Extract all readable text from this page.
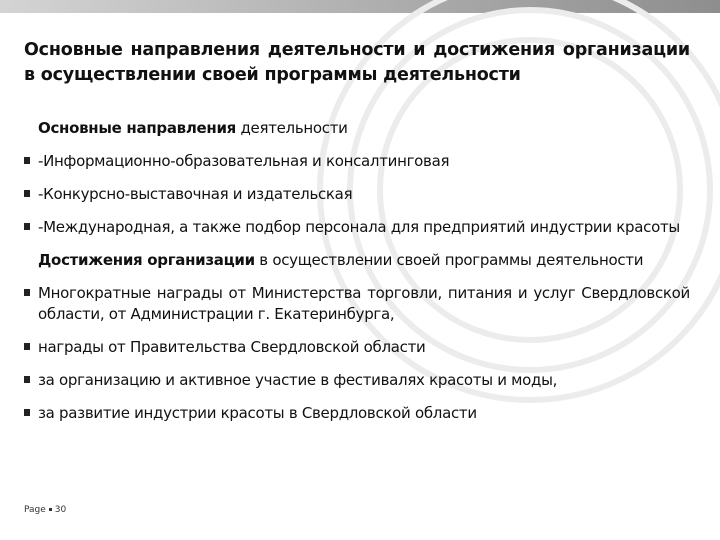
Основные направления деятельности и достижения организации в осуществлении своей программы деятельности
Основные направления деятельности
-Информационно-образовательная и консалтинговая
-Конкурсно-выставочная и издательская
-Международная, а также подбор персонала для предприятий индустрии красоты
Достижения организации в осуществлении своей программы деятельности
Многократные награды от Министерства торговли, питания и услуг Свердловской области, от Администрации г. Екатеринбурга,
награды от Правительства Свердловской области
за организацию и активное участие в фестивалях красоты и моды,
за развитие индустрии красоты в Свердловской области
Page 30
